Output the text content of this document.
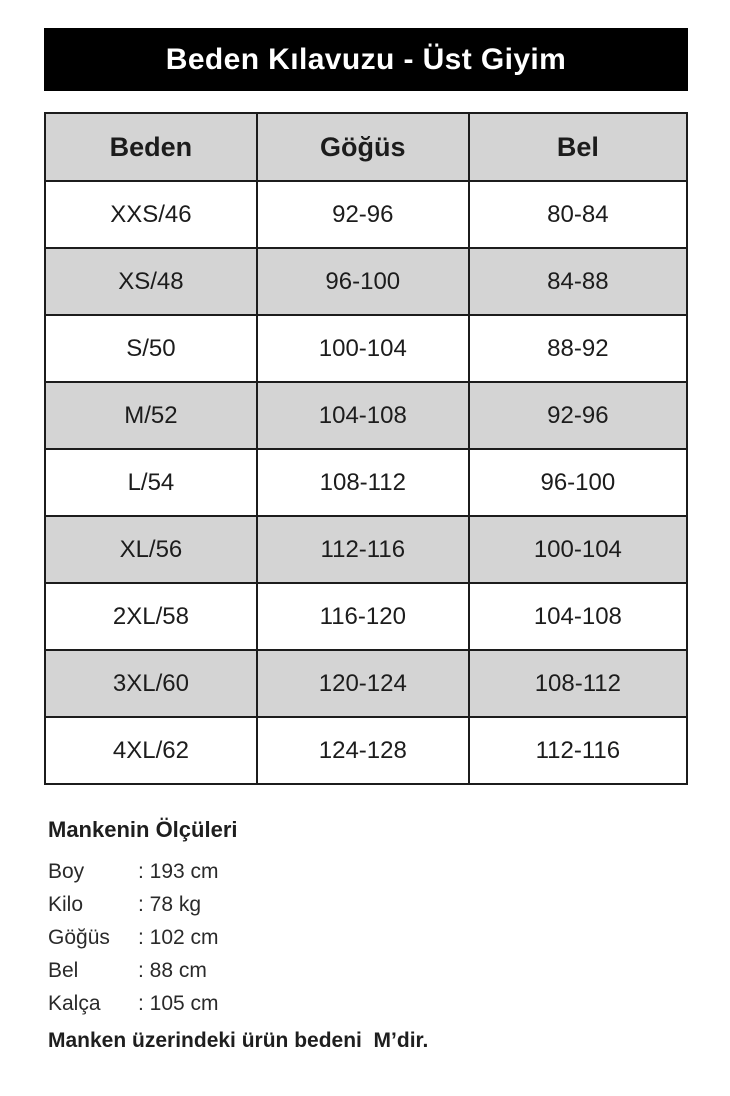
Beden Kılavuzu - Üst Giyim
Beden	Göğüs	Bel
XXS/46	92-96	80-84
XS/48	96-100	84-88
S/50	100-104	88-92
M/52	104-108	92-96
L/54	108-112	96-100
XL/56	112-116	100-104
2XL/58	116-120	104-108
3XL/60	120-124	108-112
4XL/62	124-128	112-116
Mankenin Ölçüleri
Boy	: 193 cm
Kilo	: 78 kg
Göğüs	: 102 cm
Bel	: 88 cm
Kalça	: 105 cm

Manken üzerindeki ürün bedeni  M’dir.
